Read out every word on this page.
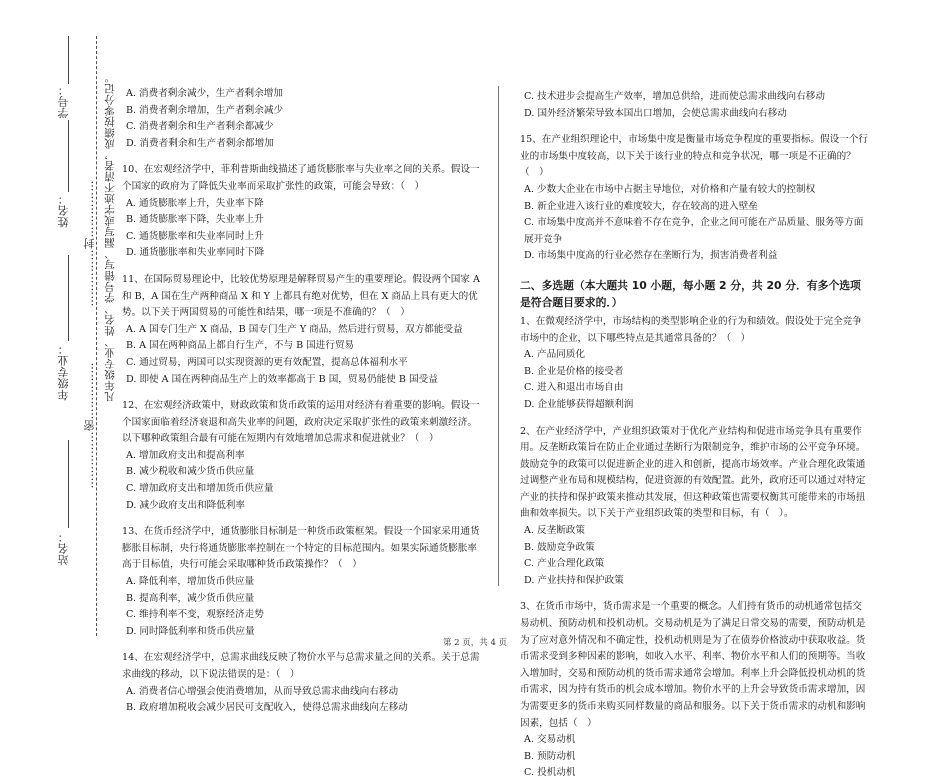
凡年级专业、姓名、学号错写、漏写或字迹不清者，成绩按零分记。
……………封……………
……………密……………
学号：
姓名：
年级专业：
站名：

A. 消费者剩余减少，生产者剩余增加

B. 消费者剩余增加，生产者剩余减少

C. 消费者剩余和生产者剩余都减少

D. 消费者剩余和生产者剩余都增加

10、在宏观经济学中，菲利普斯曲线描述了通货膨胀率与失业率之间的关系。假设一个国家的政府为了降低失业率而采取扩张性的政策，可能会导致：（　）

A. 通货膨胀率上升，失业率下降

B. 通货膨胀率下降，失业率上升

C. 通货膨胀率和失业率同时上升

D. 通货膨胀率和失业率同时下降

11、在国际贸易理论中，比较优势原理是解释贸易产生的重要理论。假设两个国家 A 和 B，A 国在生产两种商品 X 和 Y 上都具有绝对优势，但在 X 商品上具有更大的优势。以下关于两国贸易的可能性和结果，哪一项是不准确的？（　）

A. A 国专门生产 X 商品，B 国专门生产 Y 商品，然后进行贸易，双方都能受益

B. A 国在两种商品上都自行生产，不与 B 国进行贸易

C. 通过贸易，两国可以实现资源的更有效配置，提高总体福利水平

D. 即使 A 国在两种商品生产上的效率都高于 B 国，贸易仍能使 B 国受益

12、在宏观经济政策中，财政政策和货币政策的运用对经济有着重要的影响。假设一个国家面临着经济衰退和高失业率的问题，政府决定采取扩张性的政策来刺激经济。以下哪种政策组合最有可能在短期内有效地增加总需求和促进就业？（　）

A. 增加政府支出和提高利率

B. 减少税收和减少货币供应量

C. 增加政府支出和增加货币供应量

D. 减少政府支出和降低利率

13、在货币经济学中，通货膨胀目标制是一种货币政策框架。假设一个国家采用通货膨胀目标制，央行将通货膨胀率控制在一个特定的目标范围内。如果实际通货膨胀率高于目标值，央行可能会采取哪种货币政策操作？（　）

A. 降低利率，增加货币供应量

B. 提高利率，减少货币供应量

C. 维持利率不变，观察经济走势

D. 同时降低利率和货币供应量

14、在宏观经济学中，总需求曲线反映了物价水平与总需求量之间的关系。关于总需求曲线的移动，以下说法错误的是：（　）

A. 消费者信心增强会使消费增加，从而导致总需求曲线向右移动

B. 政府增加税收会减少居民可支配收入，使得总需求曲线向左移动

C. 技术进步会提高生产效率，增加总供给，进而使总需求曲线向右移动

D. 国外经济繁荣导致本国出口增加，会使总需求曲线向右移动

15、在产业组织理论中，市场集中度是衡量市场竞争程度的重要指标。假设一个行业的市场集中度较高，以下关于该行业的特点和竞争状况，哪一项是不正确的？（　）

A. 少数大企业在市场中占据主导地位，对价格和产量有较大的控制权

B. 新企业进入该行业的难度较大，存在较高的进入壁垒

C. 市场集中度高并不意味着不存在竞争，企业之间可能在产品质量、服务等方面展开竞争

D. 市场集中度高的行业必然存在垄断行为，损害消费者利益

二、多选题（本大题共 10 小题，每小题 2 分，共 20 分．有多个选项是符合题目要求的．）

1、在微观经济学中，市场结构的类型影响企业的行为和绩效。假设处于完全竞争市场中的企业，以下哪些特点是其通常具备的？（　）

A. 产品同质化

B. 企业是价格的接受者

C. 进入和退出市场自由

D. 企业能够获得超额利润

2、在产业经济学中，产业组织政策对于优化产业结构和促进市场竞争具有重要作用。反垄断政策旨在防止企业通过垄断行为限制竞争，维护市场的公平竞争环境。鼓励竞争的政策可以促进新企业的进入和创新，提高市场效率。产业合理化政策通过调整产业布局和规模结构，促进资源的有效配置。此外，政府还可以通过对特定产业的扶持和保护政策来推动其发展，但这种政策也需要权衡其可能带来的市场扭曲和效率损失。以下关于产业组织政策的类型和目标，有（　）。

A. 反垄断政策

B. 鼓励竞争政策

C. 产业合理化政策

D. 产业扶持和保护政策

3、在货币市场中，货币需求是一个重要的概念。人们持有货币的动机通常包括交易动机、预防动机和投机动机。交易动机是为了满足日常交易的需要，预防动机是为了应对意外情况和不确定性，投机动机则是为了在债券价格波动中获取收益。货币需求受到多种因素的影响，如收入水平、利率、物价水平和人们的预期等。当收入增加时，交易和预防动机的货币需求通常会增加。利率上升会降低投机动机的货币需求，因为持有货币的机会成本增加。物价水平的上升会导致货币需求增加，因为需要更多的货币来购买同样数量的商品和服务。以下关于货币需求的动机和影响因素，包括（　）

A. 交易动机

B. 预防动机

C. 投机动机

第 2 页，共 4 页
